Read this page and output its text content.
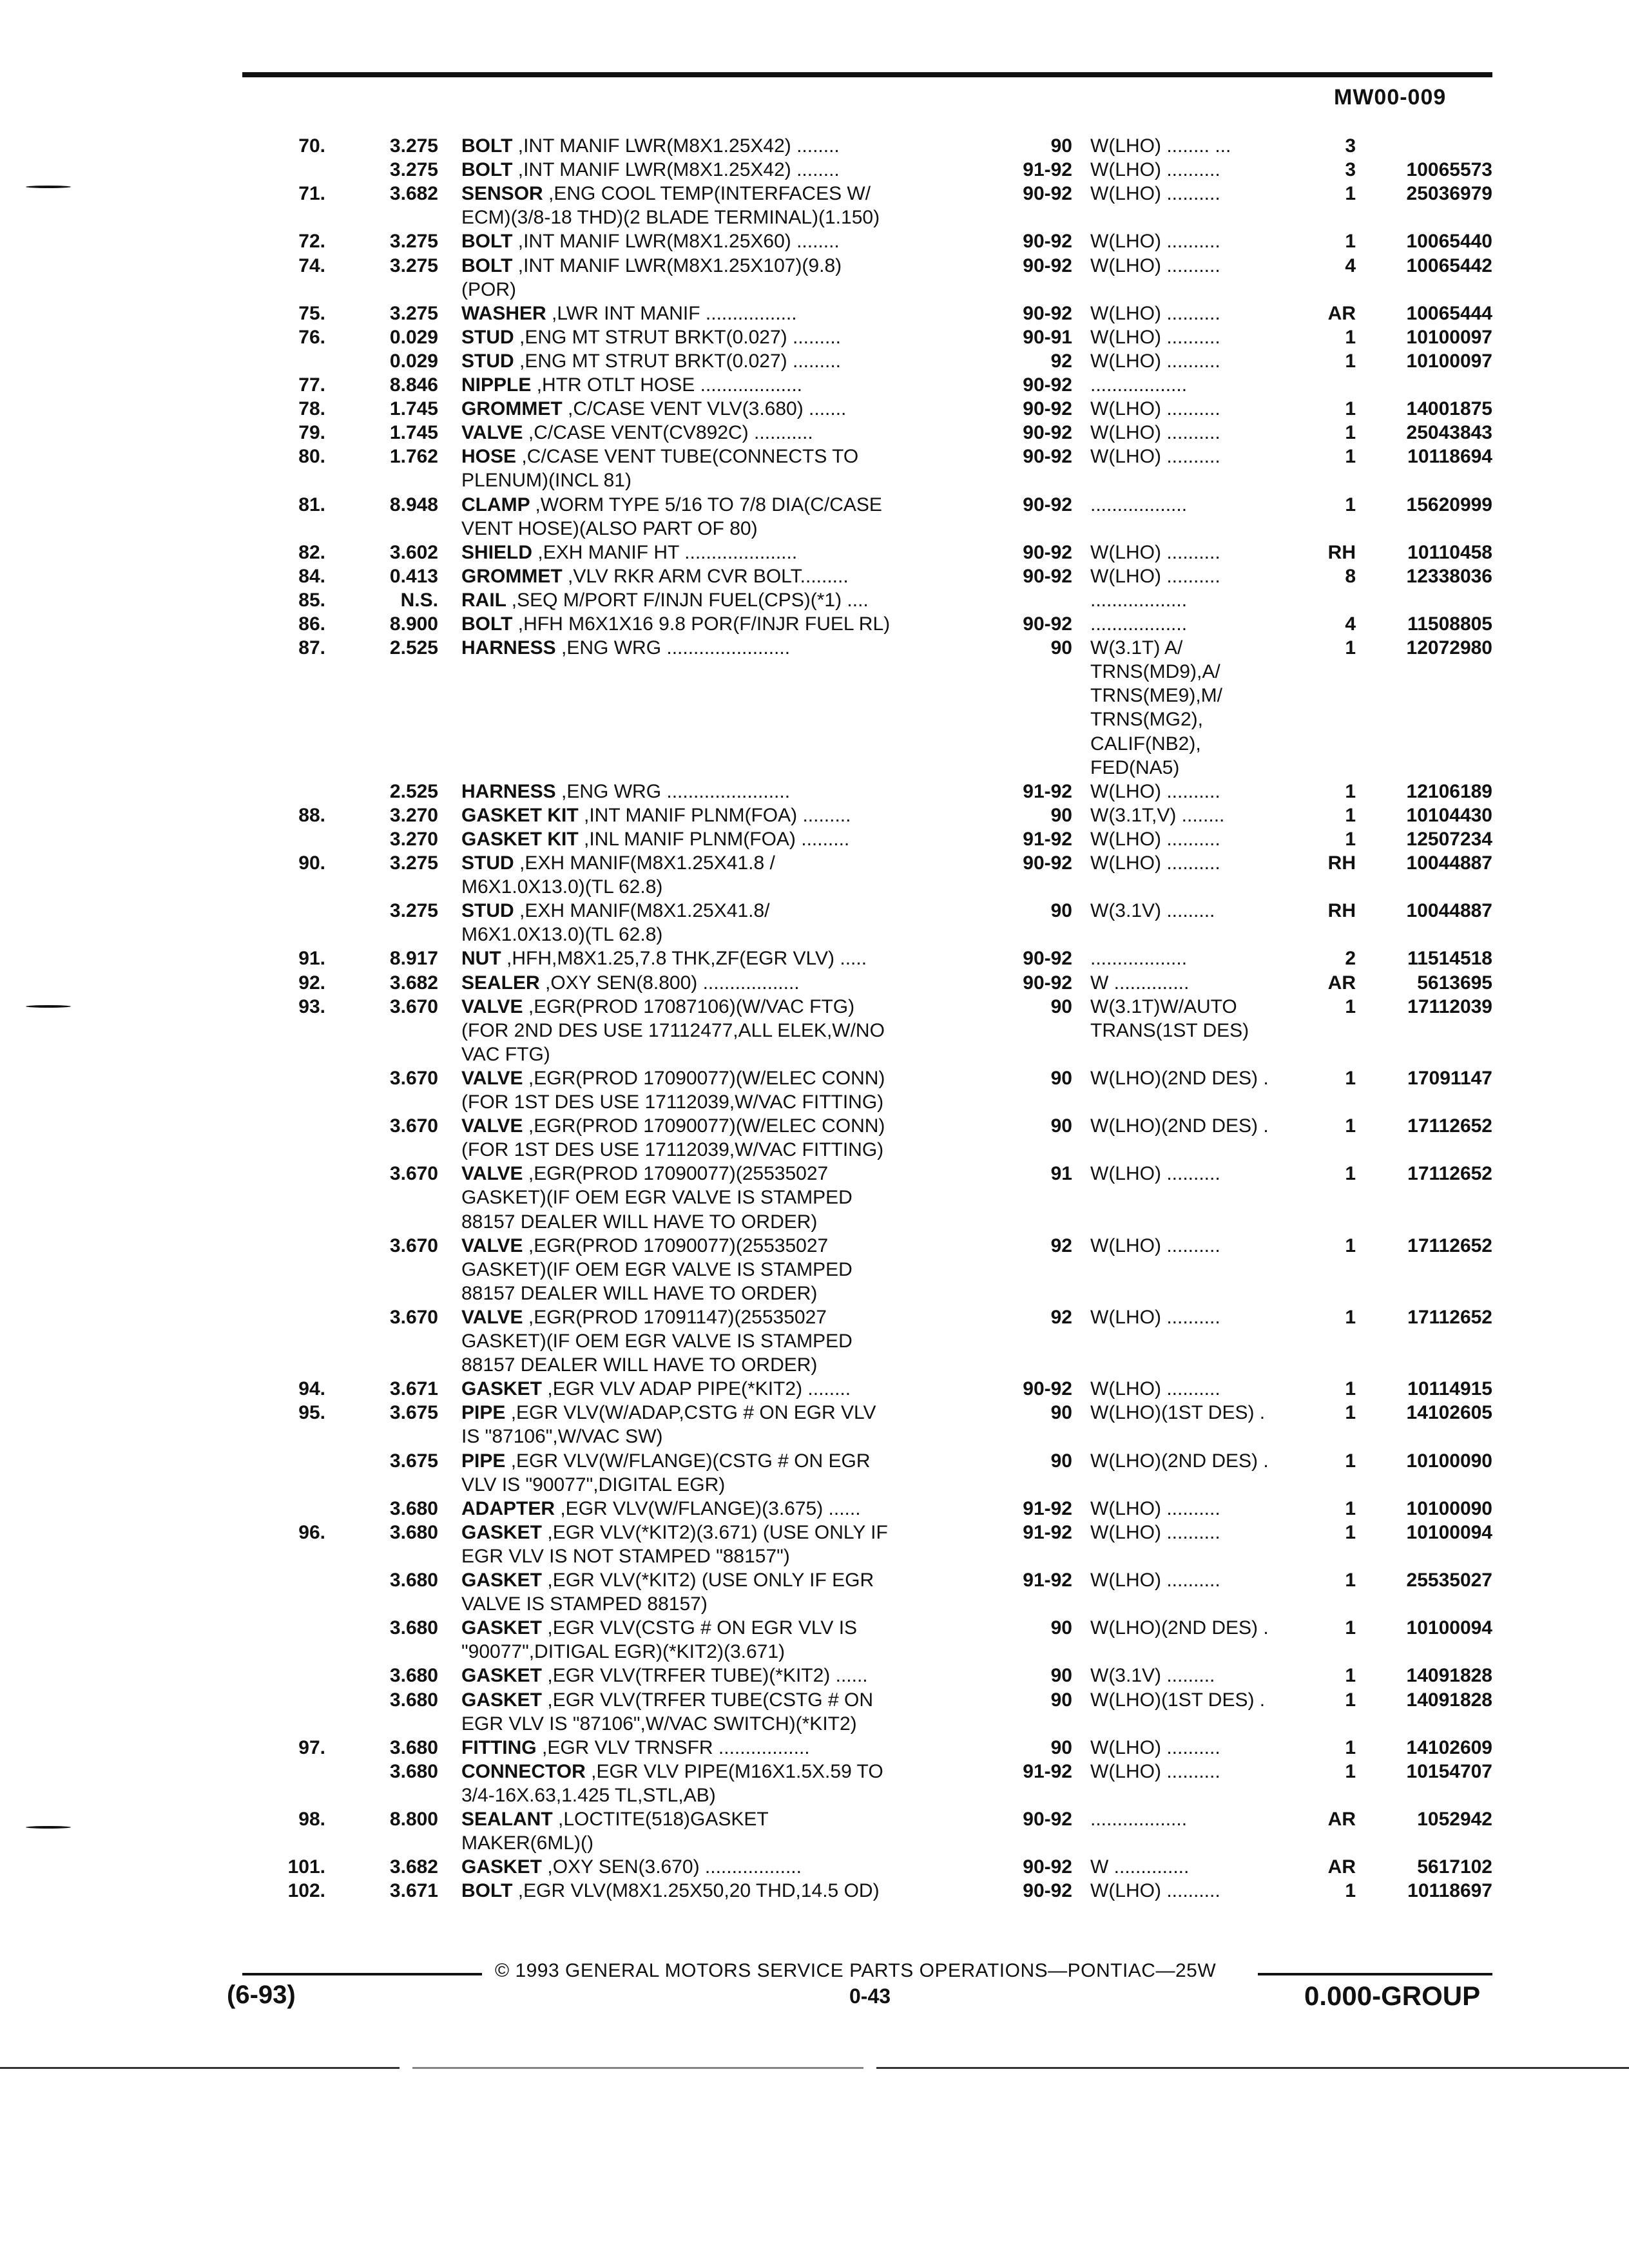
MW00-009
70.	3.275 BOLT ,INT MANIF LWR(M8X1.25X42) ........	90 W(LHO) ........ ...	3
3.275 BOLT ,INT MANIF LWR(M8X1.25X42) ........	91-92 W(LHO) ..........	3	10065573
71.	3.682 SENSOR ,ENG COOL TEMP(INTERFACES W/	90-92 W(LHO) ..........	1	25036979
ECM)(3/8-18 THD)(2 BLADE TERMINAL)(1.150)
72.	3.275 BOLT ,INT MANIF LWR(M8X1.25X60) ........	90-92 W(LHO) ..........	1	10065440
74.	3.275 BOLT ,INT MANIF LWR(M8X1.25X107)(9.8)	90-92 W(LHO) ..........	4	10065442
(POR)
75.	3.275 WASHER ,LWR INT MANIF .................	90-92 W(LHO) ..........	AR	10065444
76.	0.029 STUD ,ENG MT STRUT BRKT(0.027) .........	90-91 W(LHO) ..........	1	10100097
0.029 STUD ,ENG MT STRUT BRKT(0.027) .........	92 W(LHO) ..........	1	10100097
77.	8.846 NIPPLE ,HTR OTLT HOSE ...................	90-92 ..................
78.	1.745 GROMMET ,C/CASE VENT VLV(3.680) .......	90-92 W(LHO) ..........	1	14001875
79.	1.745 VALVE ,C/CASE VENT(CV892C) ...........	90-92 W(LHO) ..........	1	25043843
80.	1.762 HOSE ,C/CASE VENT TUBE(CONNECTS TO	90-92 W(LHO) ..........	1	10118694
PLENUM)(INCL 81)
81.	8.948 CLAMP ,WORM TYPE 5/16 TO 7/8 DIA(C/CASE	90-92 ..................	1	15620999
VENT HOSE)(ALSO PART OF 80)
82.	3.602 SHIELD ,EXH MANIF HT .....................	90-92 W(LHO) ..........	RH	10110458
84.	0.413 GROMMET ,VLV RKR ARM CVR BOLT.........	90-92 W(LHO) ..........	8	12338036
85.	N.S. RAIL ,SEQ M/PORT F/INJN FUEL(CPS)(*1) ....	..................
86.	8.900 BOLT ,HFH M6X1X16 9.8 POR(F/INJR FUEL RL)	90-92 ..................	4	11508805
87.	2.525 HARNESS ,ENG WRG .......................	90 W(3.1T) A/	1	12072980
TRNS(MD9),A/
TRNS(ME9),M/
TRNS(MG2),
CALIF(NB2),
FED(NA5)
2.525 HARNESS ,ENG WRG .......................	91-92 W(LHO) ..........	1	12106189
88.	3.270 GASKET KIT ,INT MANIF PLNM(FOA) .........	90 W(3.1T,V) ........	1	10104430
3.270 GASKET KIT ,INL MANIF PLNM(FOA) .........	91-92 W(LHO) ..........	1	12507234
90.	3.275 STUD ,EXH MANIF(M8X1.25X41.8 /	90-92 W(LHO) ..........	RH	10044887
M6X1.0X13.0)(TL 62.8)
3.275 STUD ,EXH MANIF(M8X1.25X41.8/	90 W(3.1V) .........	RH	10044887
M6X1.0X13.0)(TL 62.8)
91.	8.917 NUT ,HFH,M8X1.25,7.8 THK,ZF(EGR VLV) .....	90-92 ..................	2	11514518
92.	3.682 SEALER ,OXY SEN(8.800) ..................	90-92 W ..............	AR	5613695
93.	3.670 VALVE ,EGR(PROD 17087106)(W/VAC FTG)	90 W(3.1T)W/AUTO	1	17112039
(FOR 2ND DES USE 17112477,ALL ELEK,W/NO	TRANS(1ST DES)
VAC FTG)
3.670 VALVE ,EGR(PROD 17090077)(W/ELEC CONN)	90 W(LHO)(2ND DES) .	1	17091147
(FOR 1ST DES USE 17112039,W/VAC FITTING)
3.670 VALVE ,EGR(PROD 17090077)(W/ELEC CONN)	90 W(LHO)(2ND DES) .	1	17112652
(FOR 1ST DES USE 17112039,W/VAC FITTING)
3.670 VALVE ,EGR(PROD 17090077)(25535027	91 W(LHO) ..........	1	17112652
GASKET)(IF OEM EGR VALVE IS STAMPED
88157 DEALER WILL HAVE TO ORDER)
3.670 VALVE ,EGR(PROD 17090077)(25535027	92 W(LHO) ..........	1	17112652
GASKET)(IF OEM EGR VALVE IS STAMPED
88157 DEALER WILL HAVE TO ORDER)
3.670 VALVE ,EGR(PROD 17091147)(25535027	92 W(LHO) ..........	1	17112652
GASKET)(IF OEM EGR VALVE IS STAMPED
88157 DEALER WILL HAVE TO ORDER)
94.	3.671 GASKET ,EGR VLV ADAP PIPE(*KIT2) ........	90-92 W(LHO) ..........	1	10114915
95.	3.675 PIPE ,EGR VLV(W/ADAP,CSTG # ON EGR VLV	90 W(LHO)(1ST DES) .	1	14102605
IS "87106",W/VAC SW)
3.675 PIPE ,EGR VLV(W/FLANGE)(CSTG # ON EGR	90 W(LHO)(2ND DES) .	1	10100090
VLV IS "90077",DIGITAL EGR)
3.680 ADAPTER ,EGR VLV(W/FLANGE)(3.675) ......	91-92 W(LHO) ..........	1	10100090
96.	3.680 GASKET ,EGR VLV(*KIT2)(3.671) (USE ONLY IF	91-92 W(LHO) ..........	1	10100094
EGR VLV IS NOT STAMPED "88157")
3.680 GASKET ,EGR VLV(*KIT2) (USE ONLY IF EGR	91-92 W(LHO) ..........	1	25535027
VALVE IS STAMPED 88157)
3.680 GASKET ,EGR VLV(CSTG # ON EGR VLV IS	90 W(LHO)(2ND DES) .	1	10100094
"90077",DITIGAL EGR)(*KIT2)(3.671)
3.680 GASKET ,EGR VLV(TRFER TUBE)(*KIT2) ......	90 W(3.1V) .........	1	14091828
3.680 GASKET ,EGR VLV(TRFER TUBE(CSTG # ON	90 W(LHO)(1ST DES) .	1	14091828
EGR VLV IS "87106",W/VAC SWITCH)(*KIT2)
97.	3.680 FITTING ,EGR VLV TRNSFR .................	90 W(LHO) ..........	1	14102609
3.680 CONNECTOR ,EGR VLV PIPE(M16X1.5X.59 TO	91-92 W(LHO) ..........	1	10154707
3/4-16X.63,1.425 TL,STL,AB)
98.	8.800 SEALANT ,LOCTITE(518)GASKET	90-92 ..................	AR	1052942
MAKER(6ML)()
101.	3.682 GASKET ,OXY SEN(3.670) ..................	90-92 W ..............	AR	5617102
102.	3.671 BOLT ,EGR VLV(M8X1.25X50,20 THD,14.5 OD)	90-92 W(LHO) ..........	1	10118697
© 1993 GENERAL MOTORS SERVICE PARTS OPERATIONS—PONTIAC—25W
(6-93)	0-43	0.000-GROUP
